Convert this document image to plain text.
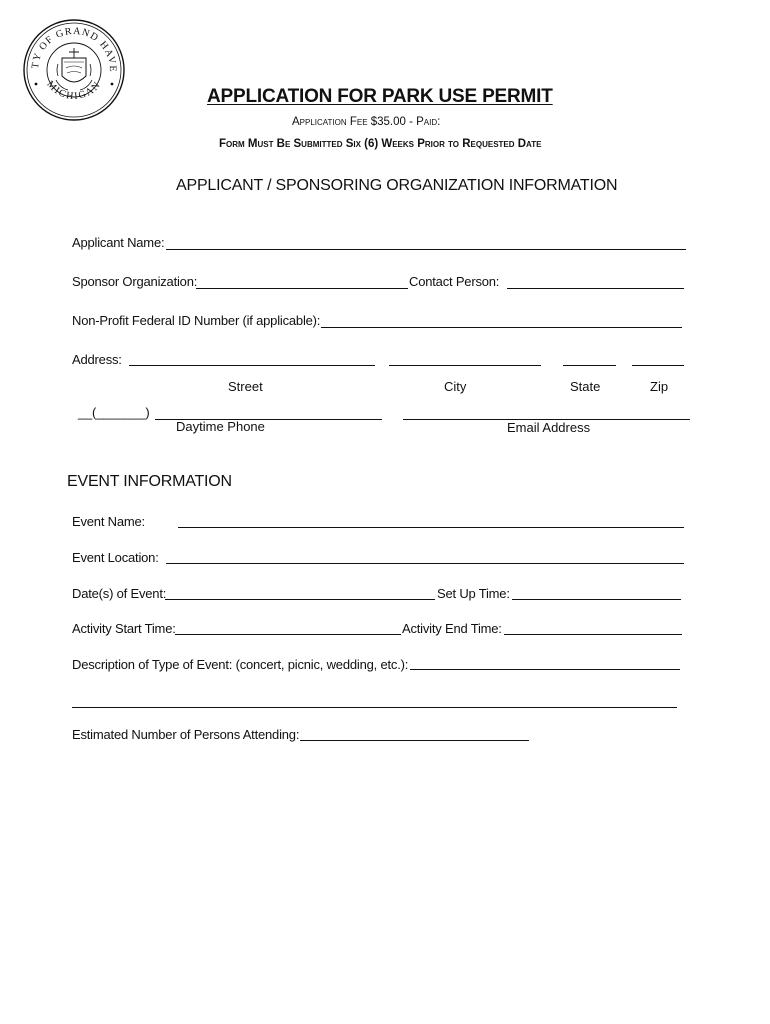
TY OF GRAND HAVE
MICHIGAN
APPLICATION FOR PARK USE PERMIT
Application Fee $35.00 - Paid:
Form Must Be Submitted Six (6) Weeks Prior to Requested Date
APPLICANT / SPONSORING ORGANIZATION INFORMATION
Applicant Name:
Sponsor Organization:	Contact Person:
Non-Profit Federal ID Number (if applicable):
Address:
Street	City	State	Zip
__(_______)
Daytime Phone	Email Address
EVENT INFORMATION
Event Name:
Event Location:
Date(s) of Event:	Set Up Time:
Activity Start Time:	Activity End Time:
Description of Type of Event: (concert, picnic, wedding, etc.):
Estimated Number of Persons Attending:
